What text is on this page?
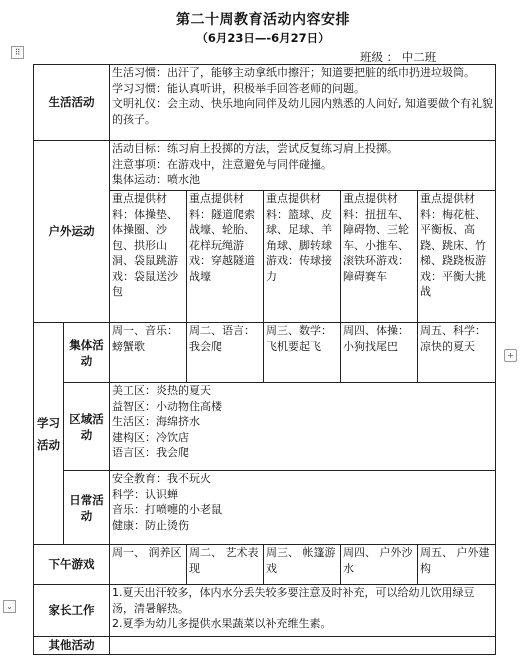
第二十周教育活动内容安排
（6月23日—-6月27日）
班级 ： 中二班
⠿
+
⌄
生活活动		生活习惯：出汗了，能够主动拿纸巾擦汗；知道要把脏的纸巾扔进垃圾筒。
学习习惯：能认真听讲，积极举手回答老师的问题。
文明礼仪：会主动、快乐地向同伴及幼儿园内熟悉的人问好, 知道要做个有礼貌的孩子。				

户外运动		活动目标：练习肩上投掷的方法，尝试反复练习肩上投掷。
注意事项：在游戏中，注意避免与同伴碰撞。
集体运动：喷水池				

		重点提供材料：体操垫、体操圈、沙包、拱形山洞、袋鼠跳游戏：袋鼠送沙包	重点提供材料：隧道爬索战壕、轮胎、花样玩绳游戏：穿越隧道战壕	重点提供材料：篮球、皮球、足球、羊角球、脚转球游戏：传球接力	重点提供材料：扭扭车、障碍物、三轮车、小推车、滚铁环游戏：障碍赛车	重点提供材料：梅花桩、平衡板、高跷、跳床、竹梯、跷跷板游戏：平衡大挑战

学习活动	集体活动	周一、音乐：螃蟹歌	周二、语言：我会爬	周三、数学：飞机要起飞	周四、体操：小狗找尾巴	周五、科学：凉快的夏天

	区域活动	美工区：炎热的夏天
益智区：小动物住高楼
生活区：海绵挤水
建构区：冷饮店
语言区：我会爬				

	日常活动	安全教育：我不玩火
科学：认识蝉
音乐：打喷嚏的小老鼠
健康：防止烫伤				

下午游戏		周一、 润养区	周二、 艺术表现	周三、 帐篷游戏	周四、 户外沙水	周五、 户外建构

家长工作		1.夏天出汗较多，体内水分丢失较多要注意及时补充，可以给幼儿饮用绿豆汤，清暑解热。
2.夏季为幼儿多提供水果蔬菜以补充维生素。				

其他活动						
